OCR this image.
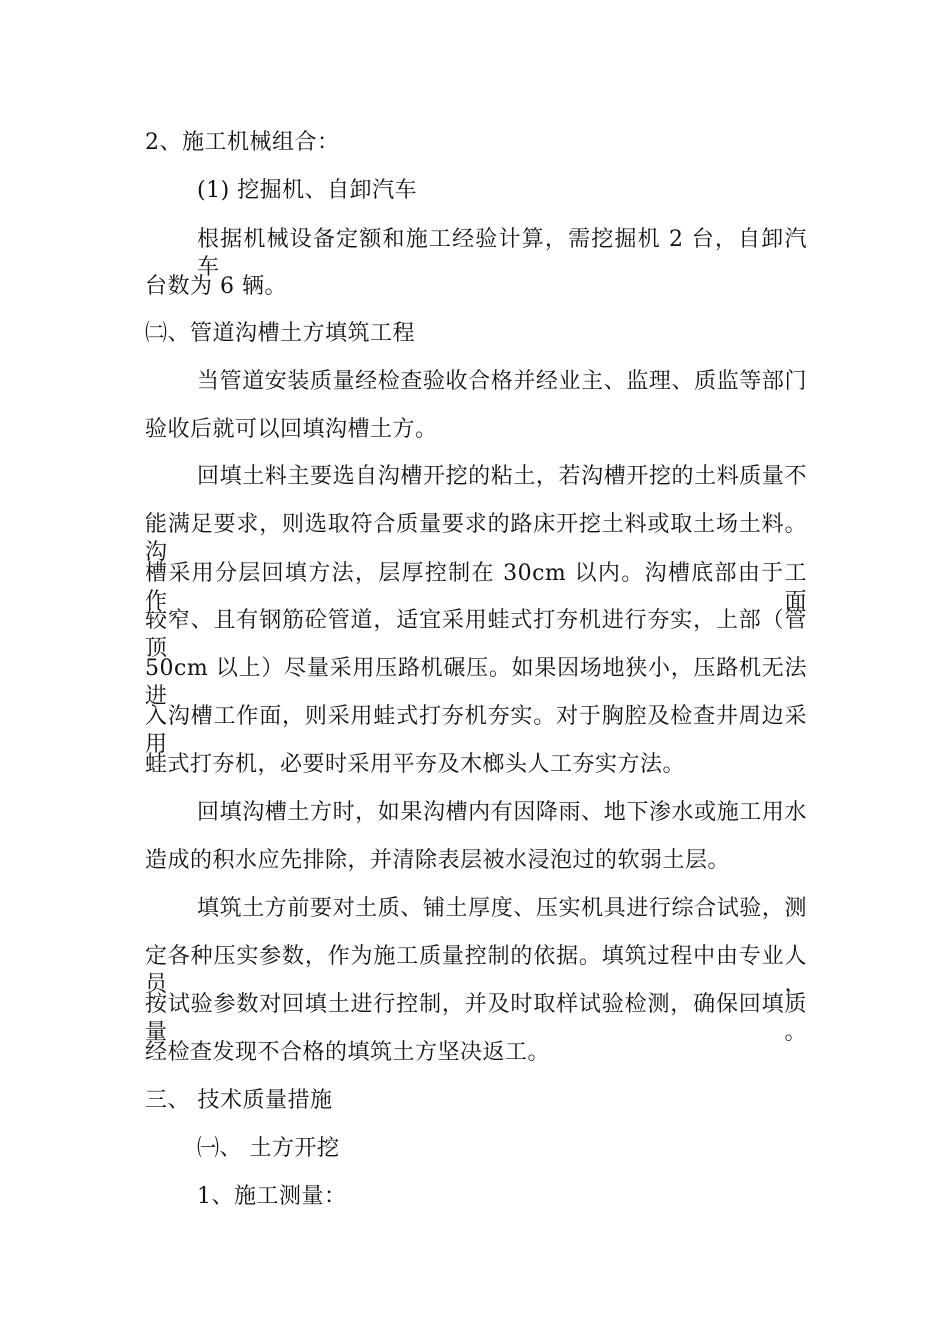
2、施工机械组合：
(1) 挖掘机、自卸汽车
根据机械设备定额和施工经验计算，需挖掘机 2 台，自卸汽车
台数为 6 辆。
㈡、管道沟槽土方填筑工程
当管道安装质量经检查验收合格并经业主、监理、质监等部门
验收后就可以回填沟槽土方。
回填土料主要选自沟槽开挖的粘土，若沟槽开挖的土料质量不
能满足要求，则选取符合质量要求的路床开挖土料或取土场土料。沟
槽采用分层回填方法，层厚控制在 30cm 以内。沟槽底部由于工作面
较窄、且有钢筋砼管道，适宜采用蛙式打夯机进行夯实，上部（管顶
50cm 以上）尽量采用压路机碾压。如果因场地狭小，压路机无法进
入沟槽工作面，则采用蛙式打夯机夯实。对于胸腔及检查井周边采用
蛙式打夯机，必要时采用平夯及木榔头人工夯实方法。
回填沟槽土方时，如果沟槽内有因降雨、地下渗水或施工用水
造成的积水应先排除，并清除表层被水浸泡过的软弱土层。
填筑土方前要对土质、铺土厚度、压实机具进行综合试验，测
定各种压实参数，作为施工质量控制的依据。填筑过程中由专业人员，
按试验参数对回填土进行控制，并及时取样试验检测，确保回填质量。
经检查发现不合格的填筑土方坚决返工。
三、 技术质量措施
㈠、 土方开挖
1、施工测量：
